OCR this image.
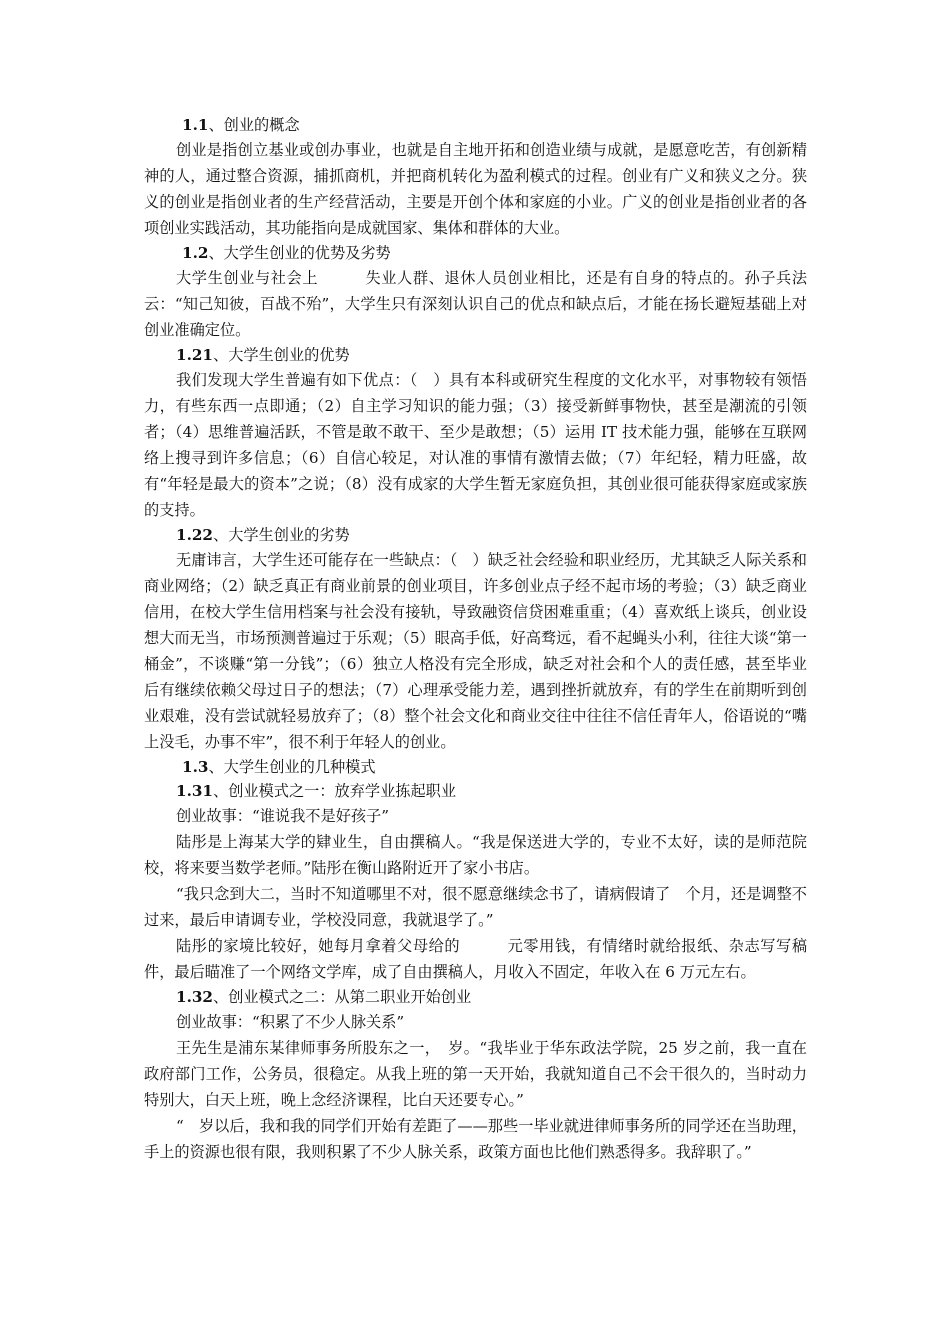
1.1、创业的概念

创业是指创立基业或创办事业，也就是自主地开拓和创造业绩与成就，是愿意吃苦，有创新精神的人，通过整合资源，捕抓商机，并把商机转化为盈利模式的过程。创业有广义和狭义之分。狭义的创业是指创业者的生产经营活动，主要是开创个体和家庭的小业。广义的创业是指创业者的各项创业实践活动，其功能指向是成就国家、集体和群体的大业。

1.2、大学生创业的优势及劣势

大学生创业与社会上　　　失业人群、退休人员创业相比，还是有自身的特点的。孙子兵法云：“知己知彼，百战不殆”，大学生只有深刻认识自己的优点和缺点后，才能在扬长避短基础上对创业准确定位。

1.21、大学生创业的优势

我们发现大学生普遍有如下优点：（　）具有本科或研究生程度的文化水平，对事物较有领悟力，有些东西一点即通；（2）自主学习知识的能力强；（3）接受新鲜事物快，甚至是潮流的引领者；（4）思维普遍活跃，不管是敢不敢干、至少是敢想；（5）运用 IT 技术能力强，能够在互联网络上搜寻到许多信息；（6）自信心较足，对认准的事情有激情去做；（7）年纪轻，精力旺盛，故有“年轻是最大的资本”之说；（8）没有成家的大学生暂无家庭负担，其创业很可能获得家庭或家族的支持。

1.22、大学生创业的劣势

无庸讳言，大学生还可能存在一些缺点：（　）缺乏社会经验和职业经历，尤其缺乏人际关系和商业网络；（2）缺乏真正有商业前景的创业项目，许多创业点子经不起市场的考验；（3）缺乏商业信用，在校大学生信用档案与社会没有接轨，导致融资信贷困难重重；（4）喜欢纸上谈兵，创业设想大而无当，市场预测普遍过于乐观；（5）眼高手低，好高骛远，看不起蝇头小利，往往大谈“第一桶金”，不谈赚“第一分钱”；（6）独立人格没有完全形成，缺乏对社会和个人的责任感，甚至毕业后有继续依赖父母过日子的想法；（7）心理承受能力差，遇到挫折就放弃，有的学生在前期听到创业艰难，没有尝试就轻易放弃了；（8）整个社会文化和商业交往中往往不信任青年人，俗语说的“嘴上没毛，办事不牢”，很不利于年轻人的创业。

1.3、大学生创业的几种模式

1.31、创业模式之一：放弃学业拣起职业

创业故事：“谁说我不是好孩子”

陆彤是上海某大学的肄业生，自由撰稿人。“我是保送进大学的，专业不太好，读的是师范院校，将来要当数学老师。”陆彤在衡山路附近开了家小书店。

“我只念到大二，当时不知道哪里不对，很不愿意继续念书了，请病假请了　个月，还是调整不过来，最后申请调专业，学校没同意，我就退学了。”

陆彤的家境比较好，她每月拿着父母给的　　　元零用钱，有情绪时就给报纸、杂志写写稿件，最后瞄准了一个网络文学库，成了自由撰稿人，月收入不固定，年收入在 6 万元左右。

1.32、创业模式之二：从第二职业开始创业

创业故事：“积累了不少人脉关系”

王先生是浦东某律师事务所股东之一，　岁。“我毕业于华东政法学院，25 岁之前，我一直在政府部门工作，公务员，很稳定。从我上班的第一天开始，我就知道自己不会干很久的，当时动力特别大，白天上班，晚上念经济课程，比白天还要专心。”

“　岁以后，我和我的同学们开始有差距了——那些一毕业就进律师事务所的同学还在当助理，手上的资源也很有限，我则积累了不少人脉关系，政策方面也比他们熟悉得多。我辞职了。”
